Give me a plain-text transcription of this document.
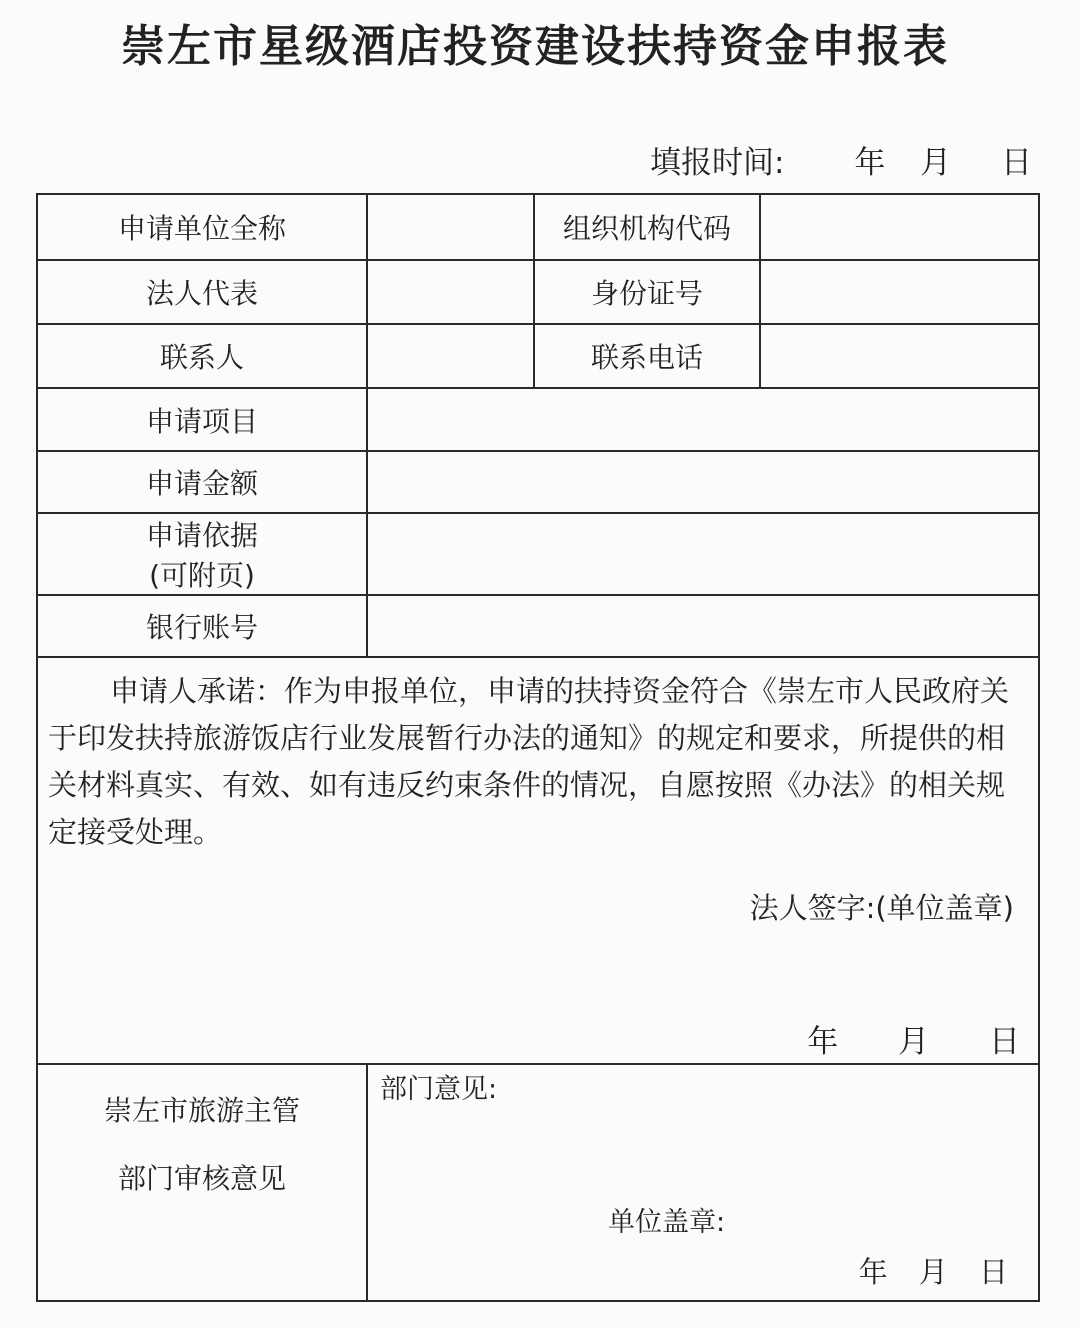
崇左市星级酒店投资建设扶持资金申报表
填报时间: 年 月 日
申请单位全称		组织机构代码	
法人代表		身份证号	
联系人		联系电话	
申请项目			
申请金额			

申请依据
(可附页)			

银行账号			

申请人承诺：作为申报单位，申请的扶持资金符合《崇左市人民政府关于印发扶持旅游饭店行业发展暂行办法的通知》的规定和要求，所提供的相关材料真实、有效、如有违反约束条件的情况，自愿按照《办法》的相关规定接受处理。
法人签字:(单位盖章)
年 月 日			

崇左市旅游主管
部门审核意见

部门意见:
单位盖章:
年 月 日
